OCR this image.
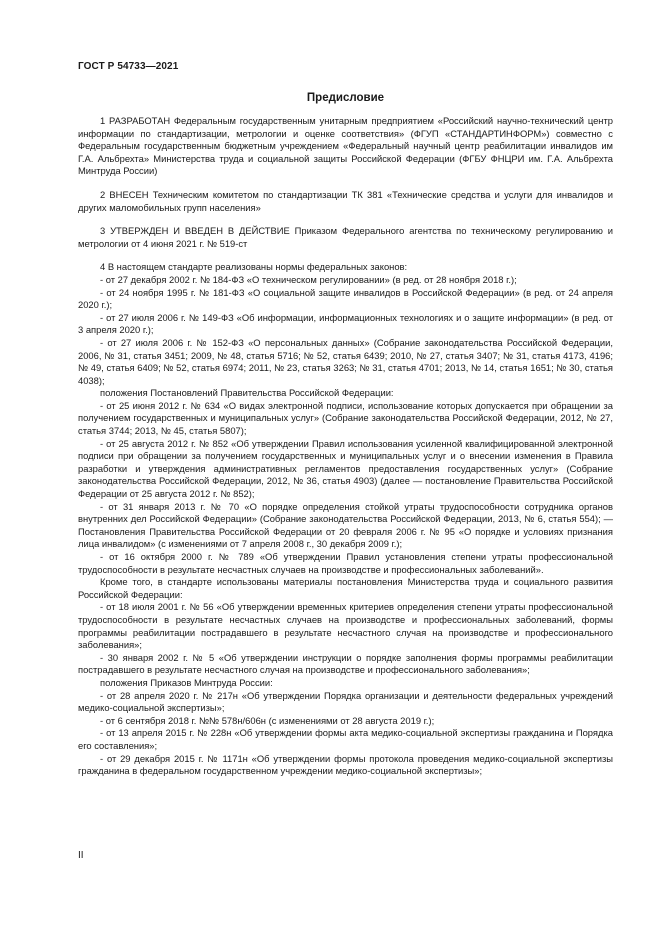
ГОСТ Р 54733—2021
Предисловие

1 РАЗРАБОТАН Федеральным государственным унитарным предприятием «Российский научно-технический центр информации по стандартизации, метрологии и оценке соответствия» (ФГУП «СТАНДАРТИНФОРМ») совместно с Федеральным государственным бюджетным учреждением «Федеральный научный центр реабилитации инвалидов им Г.А. Альбрехта» Министерства труда и социальной защиты Российской Федерации (ФГБУ ФНЦРИ им. Г.А. Альбрехта Минтруда России)

2 ВНЕСЕН Техническим комитетом по стандартизации ТК 381 «Технические средства и услуги для инвалидов и других маломобильных групп населения»

3 УТВЕРЖДЕН И ВВЕДЕН В ДЕЙСТВИЕ Приказом Федерального агентства по техническому регулированию и метрологии от 4 июня 2021 г. № 519-ст

4 В настоящем стандарте реализованы нормы федеральных законов:

- от 27 декабря 2002 г. № 184-ФЗ «О техническом регулировании» (в ред. от 28 ноября 2018 г.);

- от 24 ноября 1995 г. № 181-ФЗ «О социальной защите инвалидов в Российской Федерации» (в ред. от 24 апреля 2020 г.);

- от 27 июля 2006 г. № 149-ФЗ «Об информации, информационных технологиях и о защите информации» (в ред. от 3 апреля 2020 г.);

- от 27 июля 2006 г. № 152-ФЗ «О персональных данных» (Собрание законодательства Российской Федерации, 2006, № 31, статья 3451; 2009, № 48, статья 5716; № 52, статья 6439; 2010, № 27, статья 3407; № 31, статья 4173, 4196; № 49, статья 6409; № 52, статья 6974; 2011, № 23, статья 3263; № 31, статья 4701; 2013, № 14, статья 1651; № 30, статья 4038);

положения Постановлений Правительства Российской Федерации:

- от 25 июня 2012 г. № 634 «О видах электронной подписи, использование которых допускается при обращении за получением государственных и муниципальных услуг» (Собрание законодательства Российской Федерации, 2012, № 27, статья 3744; 2013, № 45, статья 5807);

- от 25 августа 2012 г. № 852 «Об утверждении Правил использования усиленной квалифицированной электронной подписи при обращении за получением государственных и муниципальных услуг и о внесении изменения в Правила разработки и утверждения административных регламентов предоставления государственных услуг» (Собрание законодательства Российской Федерации, 2012, № 36, статья 4903) (далее — постановление Правительства Российской Федерации от 25 августа 2012 г. № 852);

- от 31 января 2013 г. № 70 «О порядке определения стойкой утраты трудоспособности сотрудника органов внутренних дел Российской Федерации» (Собрание законодательства Российской Федерации, 2013, № 6, статья 554); — Постановления Правительства Российской Федерации от 20 февраля 2006 г. № 95 «О порядке и условиях признания лица инвалидом» (с изменениями от 7 апреля 2008 г., 30 декабря 2009 г.);

- от 16 октября 2000 г. № 789 «Об утверждении Правил установления степени утраты профессиональной трудоспособности в результате несчастных случаев на производстве и профессиональных заболеваний».

Кроме того, в стандарте использованы материалы постановления Министерства труда и социального развития Российской Федерации:

- от 18 июля 2001 г. № 56 «Об утверждении временных критериев определения степени утраты профессиональной трудоспособности в результате несчастных случаев на производстве и профессиональных заболеваний, формы программы реабилитации пострадавшего в результате несчастного случая на производстве и профессионального заболевания»;

- 30 января 2002 г. № 5 «Об утверждении инструкции о порядке заполнения формы программы реабилитации пострадавшего в результате несчастного случая на производстве и профессионального заболевания»;

положения Приказов Минтруда России:

- от 28 апреля 2020 г. № 217н «Об утверждении Порядка организации и деятельности федеральных учреждений медико-социальной экспертизы»;

- от 6 сентября 2018 г. №№ 578н/606н (с изменениями от 28 августа 2019 г.);

- от 13 апреля 2015 г. № 228н «Об утверждении формы акта медико-социальной экспертизы гражданина и Порядка его составления»;

- от 29 декабря 2015 г. № 1171н «Об утверждении формы протокола проведения медико-социальной экспертизы гражданина в федеральном государственном учреждении медико-социальной экспертизы»;

II
